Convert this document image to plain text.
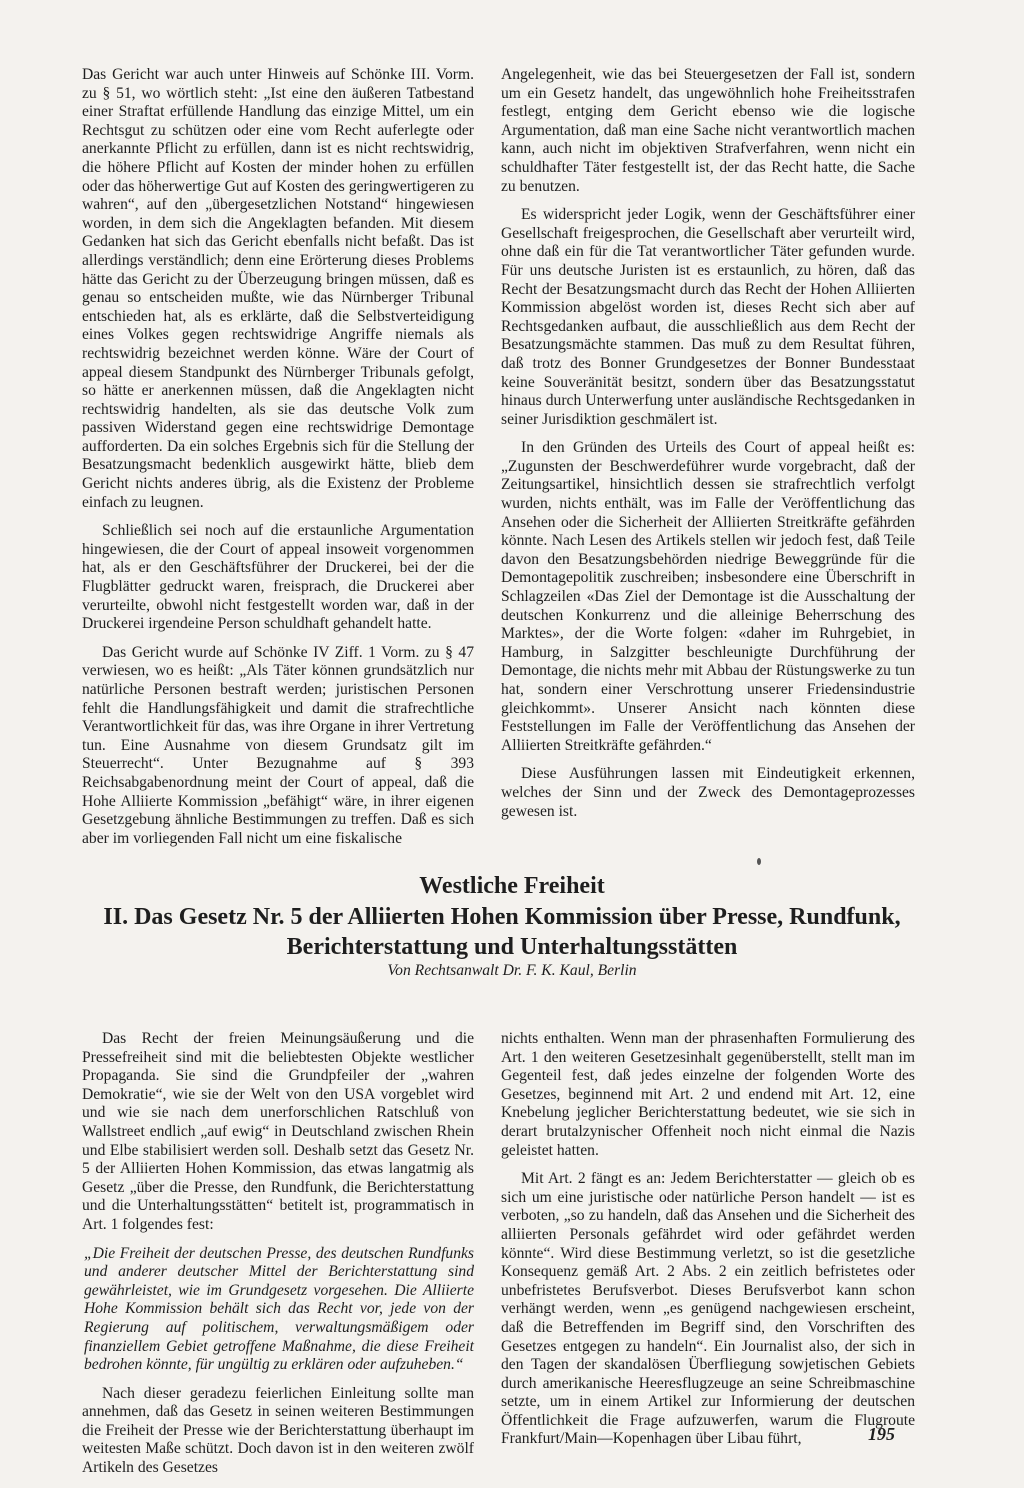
Das Gericht war auch unter Hinweis auf Schönke III. Vorm. zu § 51, wo wörtlich steht: „Ist eine den äußeren Tatbestand einer Straftat erfüllende Handlung das einzige Mittel, um ein Rechtsgut zu schützen oder eine vom Recht auferlegte oder anerkannte Pflicht zu erfüllen, dann ist es nicht rechtswidrig, die höhere Pflicht auf Kosten der minder hohen zu erfüllen oder das höherwertige Gut auf Kosten des geringwertigeren zu wahren“, auf den „übergesetzlichen Notstand“ hingewiesen worden, in dem sich die Angeklagten befanden. Mit diesem Gedanken hat sich das Gericht ebenfalls nicht befaßt. Das ist allerdings verständlich; denn eine Erörterung dieses Problems hätte das Gericht zu der Überzeugung bringen müssen, daß es genau so entscheiden mußte, wie das Nürnberger Tribunal entschieden hat, als es erklärte, daß die Selbstverteidigung eines Volkes gegen rechtswidrige Angriffe niemals als rechtswidrig bezeichnet werden könne. Wäre der Court of appeal diesem Standpunkt des Nürnberger Tribunals gefolgt, so hätte er anerkennen müssen, daß die Angeklagten nicht rechtswidrig handelten, als sie das deutsche Volk zum passiven Widerstand gegen eine rechtswidrige Demontage aufforderten. Da ein solches Ergebnis sich für die Stellung der Besatzungsmacht bedenklich ausgewirkt hätte, blieb dem Gericht nichts anderes übrig, als die Existenz der Probleme einfach zu leugnen.

Schließlich sei noch auf die erstaunliche Argumentation hingewiesen, die der Court of appeal insoweit vorgenommen hat, als er den Geschäftsführer der Druckerei, bei der die Flugblätter gedruckt waren, freisprach, die Druckerei aber verurteilte, obwohl nicht festgestellt worden war, daß in der Druckerei irgendeine Person schuldhaft gehandelt hatte.

Das Gericht wurde auf Schönke IV Ziff. 1 Vorm. zu § 47 verwiesen, wo es heißt: „Als Täter können grundsätzlich nur natürliche Personen bestraft werden; juristischen Personen fehlt die Handlungsfähigkeit und damit die strafrechtliche Verantwortlichkeit für das, was ihre Organe in ihrer Vertretung tun. Eine Ausnahme von diesem Grundsatz gilt im Steuerrecht“. Unter Bezugnahme auf § 393 Reichsabgabenordnung meint der Court of appeal, daß die Hohe Alliierte Kommission „befähigt“ wäre, in ihrer eigenen Gesetzgebung ähnliche Bestimmungen zu treffen. Daß es sich aber im vorliegenden Fall nicht um eine fiskalische

Angelegenheit, wie das bei Steuergesetzen der Fall ist, sondern um ein Gesetz handelt, das ungewöhnlich hohe Freiheitsstrafen festlegt, entging dem Gericht ebenso wie die logische Argumentation, daß man eine Sache nicht verantwortlich machen kann, auch nicht im objektiven Strafverfahren, wenn nicht ein schuldhafter Täter festgestellt ist, der das Recht hatte, die Sache zu benutzen.

Es widerspricht jeder Logik, wenn der Geschäftsführer einer Gesellschaft freigesprochen, die Gesellschaft aber verurteilt wird, ohne daß ein für die Tat verantwortlicher Täter gefunden wurde. Für uns deutsche Juristen ist es erstaunlich, zu hören, daß das Recht der Besatzungsmacht durch das Recht der Hohen Alliierten Kommission abgelöst worden ist, dieses Recht sich aber auf Rechtsgedanken aufbaut, die ausschließlich aus dem Recht der Besatzungsmächte stammen. Das muß zu dem Resultat führen, daß trotz des Bonner Grundgesetzes der Bonner Bundesstaat keine Souveränität besitzt, sondern über das Besatzungsstatut hinaus durch Unterwerfung unter ausländische Rechtsgedanken in seiner Jurisdiktion geschmälert ist.

In den Gründen des Urteils des Court of appeal heißt es: „Zugunsten der Beschwerdeführer wurde vorgebracht, daß der Zeitungsartikel, hinsichtlich dessen sie strafrechtlich verfolgt wurden, nichts enthält, was im Falle der Veröffentlichung das Ansehen oder die Sicherheit der Alliierten Streitkräfte gefährden könnte. Nach Lesen des Artikels stellen wir jedoch fest, daß Teile davon den Besatzungsbehörden niedrige Beweggründe für die Demontagepolitik zuschreiben; insbesondere eine Überschrift in Schlagzeilen «Das Ziel der Demontage ist die Ausschaltung der deutschen Konkurrenz und die alleinige Beherrschung des Marktes», der die Worte folgen: «daher im Ruhrgebiet, in Hamburg, in Salzgitter beschleunigte Durchführung der Demontage, die nichts mehr mit Abbau der Rüstungswerke zu tun hat, sondern einer Verschrottung unserer Friedensindustrie gleichkommt». Unserer Ansicht nach könnten diese Feststellungen im Falle der Veröffentlichung das Ansehen der Alliierten Streitkräfte gefährden.“

Diese Ausführungen lassen mit Eindeutigkeit erkennen, welches der Sinn und der Zweck des Demontageprozesses gewesen ist.

Westliche Freiheit
II. Das Gesetz Nr. 5 der Alliierten Hohen Kommission über Presse, Rundfunk,
Berichterstattung und Unterhaltungsstätten
Von Rechtsanwalt Dr. F. K. Kaul, Berlin

Das Recht der freien Meinungsäußerung und die Pressefreiheit sind mit die beliebtesten Objekte westlicher Propaganda. Sie sind die Grundpfeiler der „wahren Demokratie“, wie sie der Welt von den USA vorgeblet wird und wie sie nach dem unerforschlichen Ratschluß von Wallstreet endlich „auf ewig“ in Deutschland zwischen Rhein und Elbe stabilisiert werden soll. Deshalb setzt das Gesetz Nr. 5 der Alliierten Hohen Kommission, das etwas langatmig als Gesetz „über die Presse, den Rundfunk, die Berichterstattung und die Unterhaltungsstätten“ betitelt ist, programmatisch in Art. 1 folgendes fest:

„Die Freiheit der deutschen Presse, des deutschen Rundfunks und anderer deutscher Mittel der Berichterstattung sind gewährleistet, wie im Grundgesetz vorgesehen. Die Alliierte Hohe Kommission behält sich das Recht vor, jede von der Regierung auf politischem, verwaltungsmäßigem oder finanziellem Gebiet getroffene Maßnahme, die diese Freiheit bedrohen könnte, für ungültig zu erklären oder aufzuheben.“

Nach dieser geradezu feierlichen Einleitung sollte man annehmen, daß das Gesetz in seinen weiteren Bestimmungen die Freiheit der Presse wie der Berichterstattung überhaupt im weitesten Maße schützt. Doch davon ist in den weiteren zwölf Artikeln des Gesetzes

nichts enthalten. Wenn man der phrasenhaften Formulierung des Art. 1 den weiteren Gesetzesinhalt gegenüberstellt, stellt man im Gegenteil fest, daß jedes einzelne der folgenden Worte des Gesetzes, beginnend mit Art. 2 und endend mit Art. 12, eine Knebelung jeglicher Berichterstattung bedeutet, wie sie sich in derart brutalzynischer Offenheit noch nicht einmal die Nazis geleistet hatten.

Mit Art. 2 fängt es an: Jedem Berichterstatter — gleich ob es sich um eine juristische oder natürliche Person handelt — ist es verboten, „so zu handeln, daß das Ansehen und die Sicherheit des alliierten Personals gefährdet wird oder gefährdet werden könnte“. Wird diese Bestimmung verletzt, so ist die gesetzliche Konsequenz gemäß Art. 2 Abs. 2 ein zeitlich befristetes oder unbefristetes Berufsverbot. Dieses Berufsverbot kann schon verhängt werden, wenn „es genügend nachgewiesen erscheint, daß die Betreffenden im Begriff sind, den Vorschriften des Gesetzes entgegen zu handeln“. Ein Journalist also, der sich in den Tagen der skandalösen Überfliegung sowjetischen Gebiets durch amerikanische Heeresflugzeuge an seine Schreibmaschine setzte, um in einem Artikel zur Informierung der deutschen Öffentlichkeit die Frage aufzuwerfen, warum die Flugroute Frankfurt/Main—Kopenhagen über Libau führt,	195
